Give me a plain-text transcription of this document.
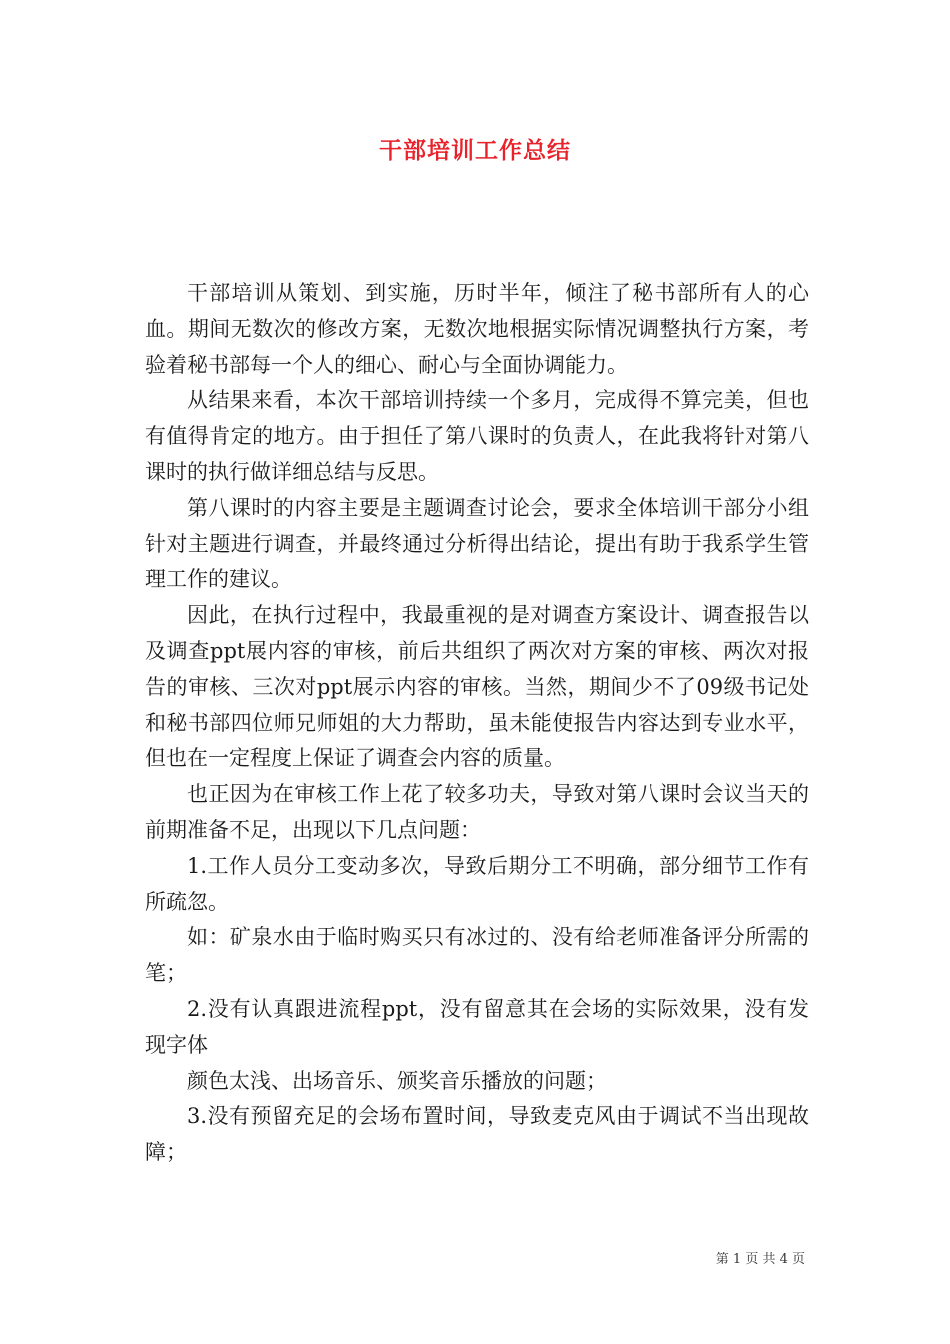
干部培训工作总结

干部培训从策划、到实施，历时半年，倾注了秘书部所有人的心血。期间无数次的修改方案，无数次地根据实际情况调整执行方案，考验着秘书部每一个人的细心、耐心与全面协调能力。

从结果来看，本次干部培训持续一个多月，完成得不算完美，但也有值得肯定的地方。由于担任了第八课时的负责人，在此我将针对第八课时的执行做详细总结与反思。

第八课时的内容主要是主题调查讨论会，要求全体培训干部分小组针对主题进行调查，并最终通过分析得出结论，提出有助于我系学生管理工作的建议。

因此，在执行过程中，我最重视的是对调查方案设计、调查报告以及调查ppt展内容的审核，前后共组织了两次对方案的审核、两次对报告的审核、三次对ppt展示内容的审核。当然，期间少不了09级书记处和秘书部四位师兄师姐的大力帮助，虽未能使报告内容达到专业水平，但也在一定程度上保证了调查会内容的质量。

也正因为在审核工作上花了较多功夫，导致对第八课时会议当天的前期准备不足，出现以下几点问题：

1.工作人员分工变动多次，导致后期分工不明确，部分细节工作有所疏忽。

如：矿泉水由于临时购买只有冰过的、没有给老师准备评分所需的笔；

2.没有认真跟进流程ppt，没有留意其在会场的实际效果，没有发现字体

颜色太浅、出场音乐、颁奖音乐播放的问题；

3.没有预留充足的会场布置时间，导致麦克风由于调试不当出现故障；

第 1 页 共 4 页
